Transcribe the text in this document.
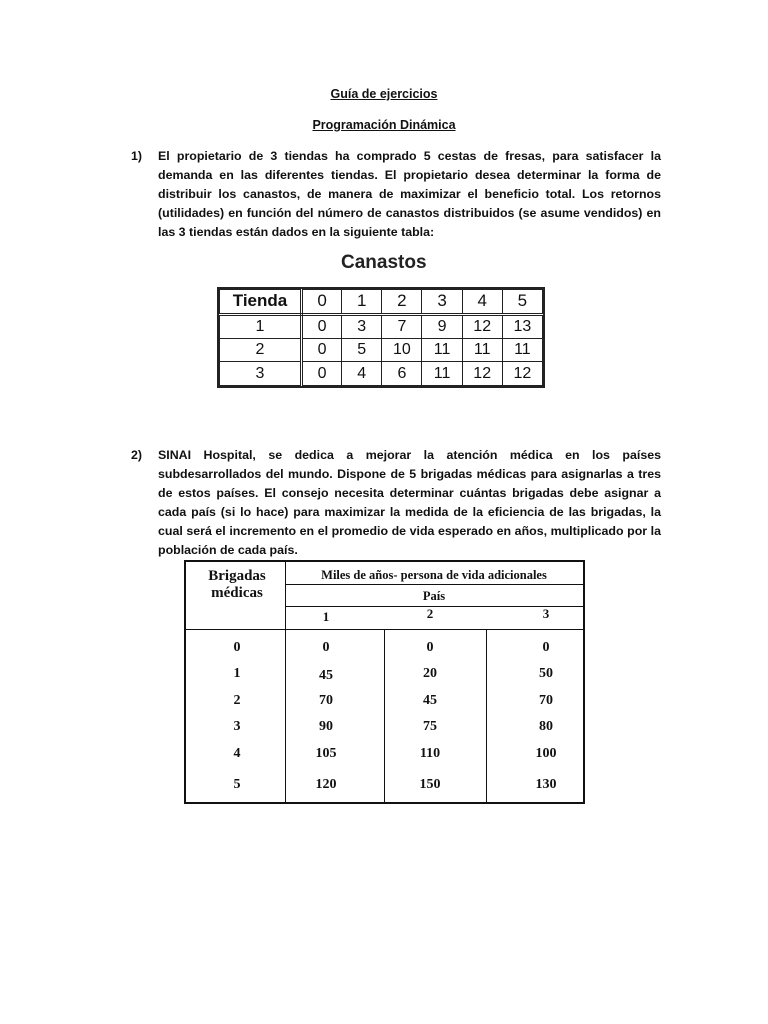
Guía de ejercicios
Programación Dinámica
1) El propietario de 3 tiendas ha comprado 5 cestas de fresas, para satisfacer la demanda en las diferentes tiendas. El propietario desea determinar la forma de distribuir los canastos, de manera de maximizar el beneficio total. Los retornos (utilidades) en función del número de canastos distribuidos (se asume vendidos) en las 3 tiendas están dados en la siguiente tabla:
Canastos
Tienda	0	1	2	3	4	5
1	0	3	7	9	12	13
2	0	5	10	11	11	11
3	0	4	6	11	12	12
2) SINAI Hospital, se dedica a mejorar la atención médica en los países subdesarrollados del mundo. Dispone de 5 brigadas médicas para asignarlas a tres de estos países. El consejo necesita determinar cuántas brigadas debe asignar a cada país (si lo hace) para maximizar la medida de la eficiencia de las brigadas, la cual será el incremento en el promedio de vida esperado en años, multiplicado por la población de cada país.
Brigadas
médicas
Miles de años- persona de vida adicionales
País
1	2	3
0	0	0	0
1	45	20	50
2	70	45	70
3	90	75	80
4	105	110	100
5	120	150	130
